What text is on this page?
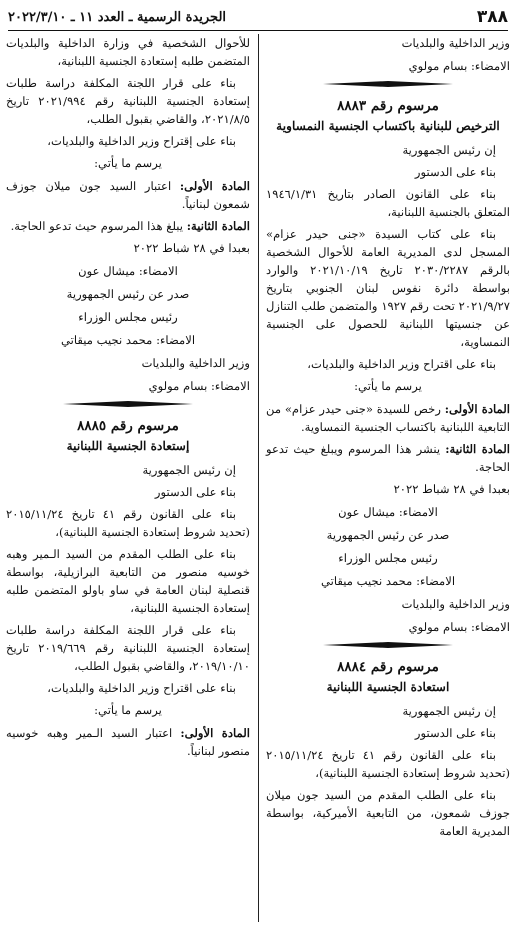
٣٨٨
الجريدة الرسمية ـ العدد ١١ ـ ٢٠٢٢/٣/١٠

وزير الداخلية والبلديات

الامضاء: بسام مولوي

مرسوم رقم ٨٨٨٣
الترخيص للبنانية باكتساب الجنسية النمساوية

إن رئيس الجمهورية

بناء على الدستور

بناء على القانون الصادر بتاريخ ١٩٤٦/١/٣١ المتعلق بالجنسية اللبنانية،

بناء على كتاب السيدة «جنى حيدر عزام» المسجل لدى المديرية العامة للأحوال الشخصية بالرقم ٢٠٣٠/٢٢٨٧ تاريخ ٢٠٢١/١٠/١٩ والوارد بواسطة دائرة نفوس لبنان الجنوبي بتاريخ ٢٠٢١/٩/٢٧ تحت رقم ١٩٢٧ والمتضمن طلب التنازل عن جنسيتها اللبنانية للحصول على الجنسية النمساوية،

بناء على اقتراح وزير الداخلية والبلديات،

يرسم ما يأتي:

المادة الأولى: رخص للسيدة «جنى حيدر عزام» من التابعية اللبنانية باكتساب الجنسية النمساوية.

المادة الثانية: ينشر هذا المرسوم ويبلغ حيث تدعو الحاجة.

بعبدا في ٢٨ شباط ٢٠٢٢

الامضاء: ميشال عون

صدر عن رئيس الجمهورية

رئيس مجلس الوزراء

الامضاء: محمد نجيب ميقاتي

وزير الداخلية والبلديات

الامضاء: بسام مولوي

مرسوم رقم ٨٨٨٤
استعادة الجنسية اللبنانية

إن رئيس الجمهورية

بناء على الدستور

بناء على القانون رقم ٤١ تاريخ ٢٠١٥/١١/٢٤ (تحديد شروط إستعادة الجنسية اللبنانية)،

بناء على الطلب المقدم من السيد جون ميلان جوزف شمعون، من التابعية الأميركية، بواسطة المديرية العامة

للأحوال الشخصية في وزارة الداخلية والبلديات المتضمن طلبه إستعادة الجنسية اللبنانية،

بناء على قرار اللجنة المكلفة دراسة طلبات إستعادة الجنسية اللبنانية رقم ٢٠٢١/٩٩٤ تاريخ ٢٠٢١/٨/٥، والقاضي بقبول الطلب،

بناء على إقتراح وزير الداخلية والبلديات،

يرسم ما يأتي:

المادة الأولى: اعتبار السيد جون ميلان جوزف شمعون لبنانياً.

المادة الثانية: يبلغ هذا المرسوم حيث تدعو الحاجة.

بعبدا في ٢٨ شباط ٢٠٢٢

الامضاء: ميشال عون

صدر عن رئيس الجمهورية

رئيس مجلس الوزراء

الامضاء: محمد نجيب ميقاتي

وزير الداخلية والبلديات

الامضاء: بسام مولوي

مرسوم رقم ٨٨٨٥
إستعادة الجنسية اللبنانية

إن رئيس الجمهورية

بناء على الدستور

بناء على القانون رقم ٤١ تاريخ ٢٠١٥/١١/٢٤ (تحديد شروط إستعادة الجنسية اللبنانية)،

بناء على الطلب المقدم من السيد الـمير وهبه خوسيه منصور من التابعية البرازيلية، بواسطة قنصلية لبنان العامة في ساو باولو المتضمن طلبه إستعادة الجنسية اللبنانية،

بناء على قرار اللجنة المكلفة دراسة طلبات إستعادة الجنسية اللبنانية رقم ٢٠١٩/٦٦٩ تاريخ ٢٠١٩/١٠/١٠، والقاضي بقبول الطلب،

بناء على اقتراح وزير الداخلية والبلديات،

يرسم ما يأتي:

المادة الأولى: اعتبار السيد الـمير وهبه خوسيه منصور لبنانياً.
